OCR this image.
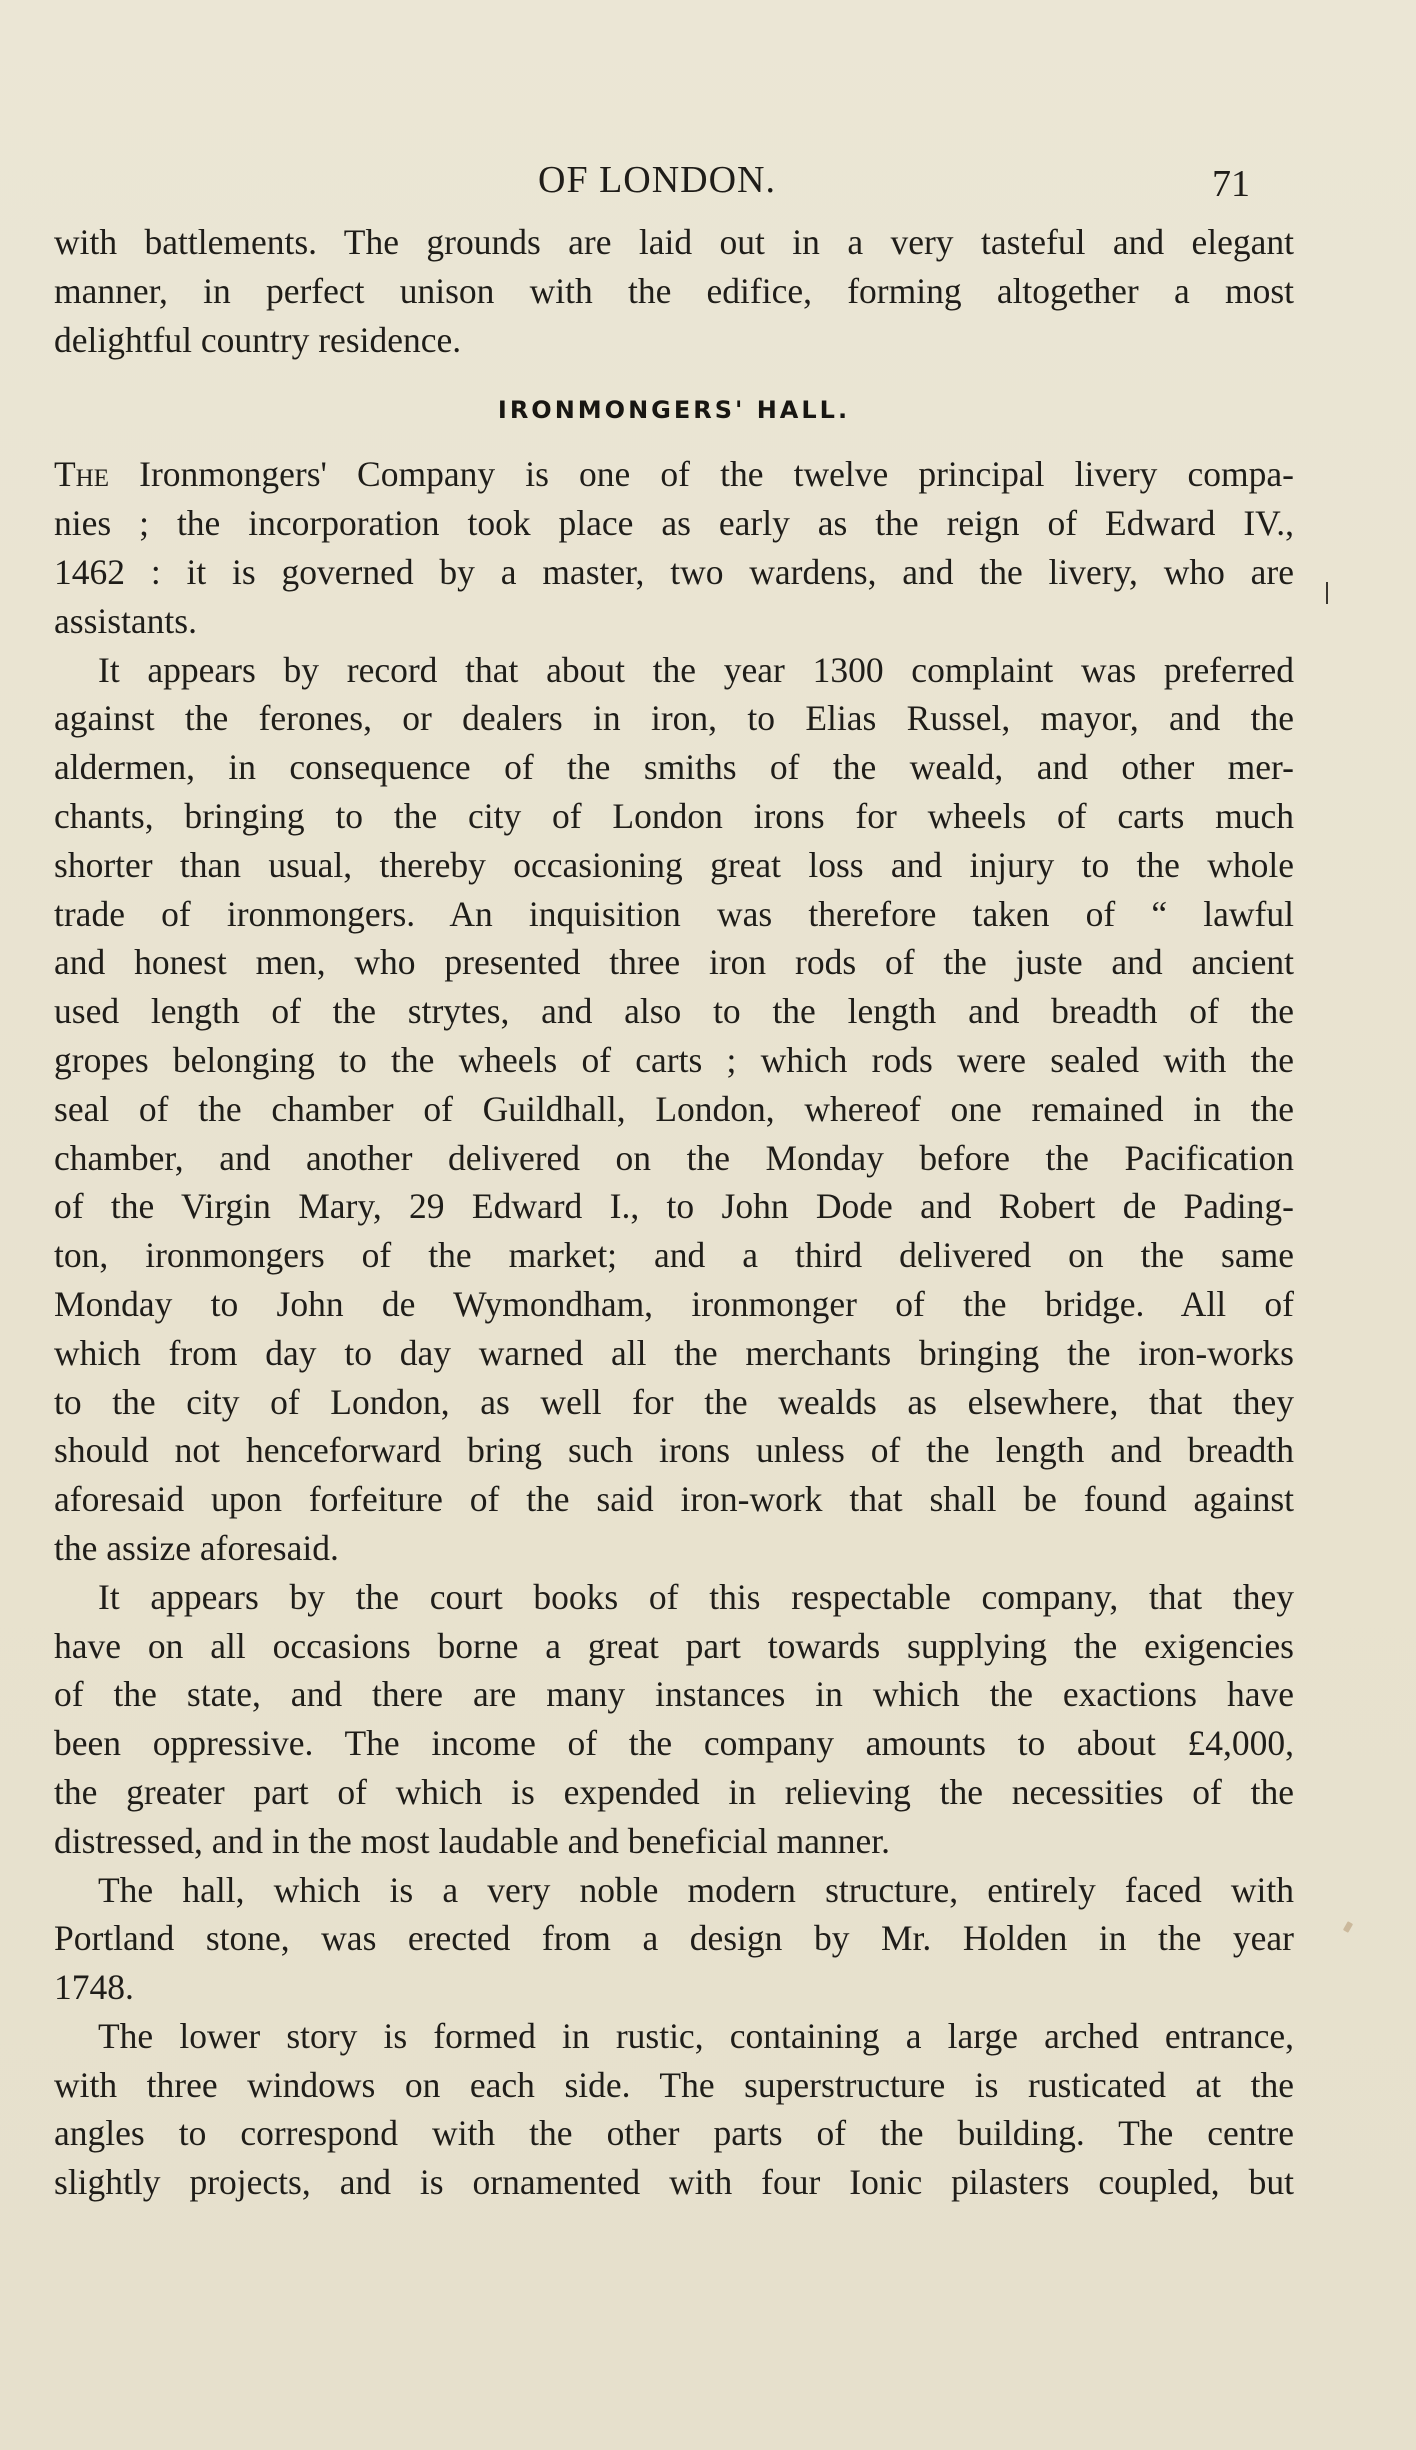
OF LONDON.	71
with battlements. The grounds are laid out in a very tasteful and elegant
manner, in perfect unison with the edifice, forming altogether a most
delightful country residence.
IRONMONGERS' HALL.
The Ironmongers' Company is one of the twelve principal livery compa-
nies ; the incorporation took place as early as the reign of Edward IV.,
1462 : it is governed by a master, two wardens, and the livery, who are
assistants.
It appears by record that about the year 1300 complaint was preferred
against the ferones, or dealers in iron, to Elias Russel, mayor, and the
aldermen, in consequence of the smiths of the weald, and other mer-
chants, bringing to the city of London irons for wheels of carts much
shorter than usual, thereby occasioning great loss and injury to the whole
trade of ironmongers. An inquisition was therefore taken of “ lawful
and honest men, who presented three iron rods of the juste and ancient
used length of the strytes, and also to the length and breadth of the
gropes belonging to the wheels of carts ; which rods were sealed with the
seal of the chamber of Guildhall, London, whereof one remained in the
chamber, and another delivered on the Monday before the Pacification
of the Virgin Mary, 29 Edward I., to John Dode and Robert de Pading-
ton, ironmongers of the market; and a third delivered on the same
Monday to John de Wymondham, ironmonger of the bridge. All of
which from day to day warned all the merchants bringing the iron-works
to the city of London, as well for the wealds as elsewhere, that they
should not henceforward bring such irons unless of the length and breadth
aforesaid upon forfeiture of the said iron-work that shall be found against
the assize aforesaid.
It appears by the court books of this respectable company, that they
have on all occasions borne a great part towards supplying the exigencies
of the state, and there are many instances in which the exactions have
been oppressive. The income of the company amounts to about £4,000,
the greater part of which is expended in relieving the necessities of the
distressed, and in the most laudable and beneficial manner.
The hall, which is a very noble modern structure, entirely faced with
Portland stone, was erected from a design by Mr. Holden in the year
1748.
The lower story is formed in rustic, containing a large arched entrance,
with three windows on each side. The superstructure is rusticated at the
angles to correspond with the other parts of the building. The centre
slightly projects, and is ornamented with four Ionic pilasters coupled, but
